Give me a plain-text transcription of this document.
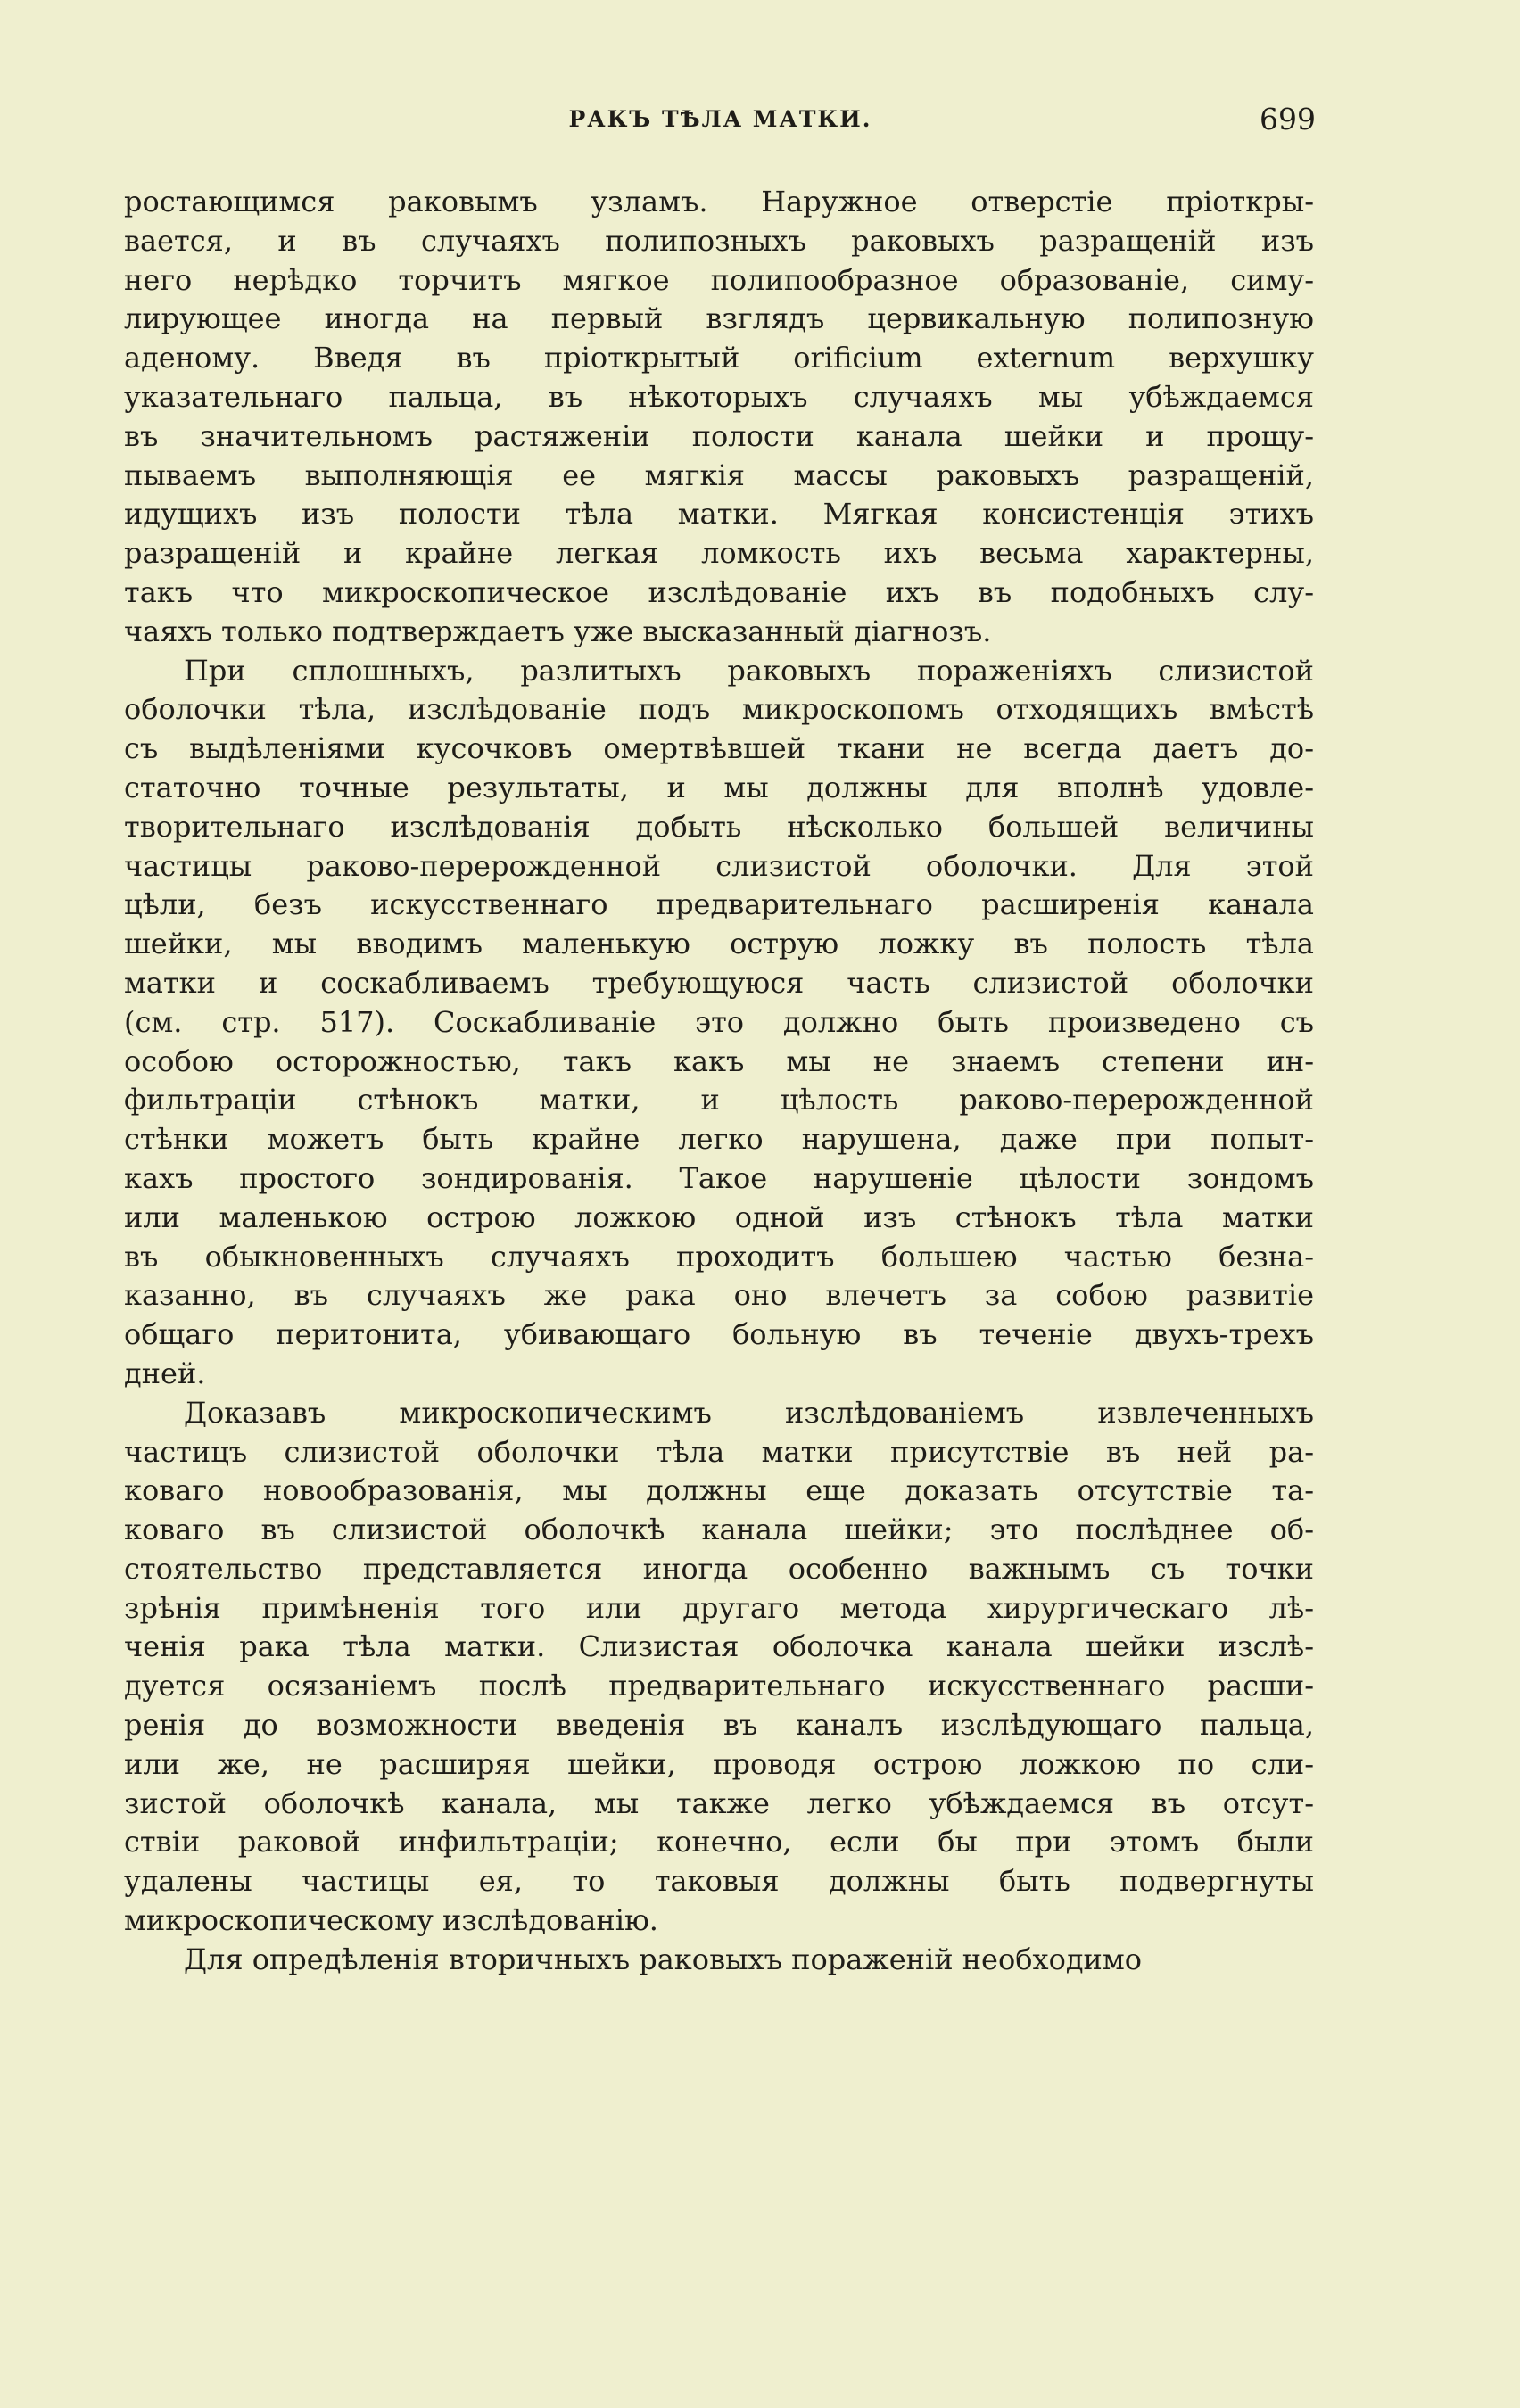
РАКЪ ТѢЛА МАТКИ.	699

ростающимся раковымъ узламъ. Наружное отверстіе пріоткры-

вается, и въ случаяхъ полипозныхъ раковыхъ разращеній изъ

него нерѣдко торчитъ мягкое полипообразное образованіе, симу-

лирующее иногда на первый взглядъ цервикальную полипозную

аденому. Введя въ пріоткрытый orificium externum верхушку

указательнаго пальца, въ нѣкоторыхъ случаяхъ мы убѣждаемся

въ значительномъ растяженіи полости канала шейки и прощу-

пываемъ выполняющія ее мягкія массы раковыхъ разращеній,

идущихъ изъ полости тѣла матки. Мягкая консистенція этихъ

разращеній и крайне легкая ломкость ихъ весьма характерны,

такъ что микроскопическое изслѣдованіе ихъ въ подобныхъ слу-

чаяхъ только подтверждаетъ уже высказанный діагнозъ.

При сплошныхъ, разлитыхъ раковыхъ пораженіяхъ слизистой

оболочки тѣла, изслѣдованіе подъ микроскопомъ отходящихъ вмѣстѣ

съ выдѣленіями кусочковъ омертвѣвшей ткани не всегда даетъ до-

статочно точные результаты, и мы должны для вполнѣ удовле-

творительнаго изслѣдованія добыть нѣсколько большей величины

частицы раково-перерожденной слизистой оболочки. Для этой

цѣли, безъ искусственнаго предварительнаго расширенія канала

шейки, мы вводимъ маленькую острую ложку въ полость тѣла

матки и соскабливаемъ требующуюся часть слизистой оболочки

(см. стр. 517). Соскабливаніе это должно быть произведено съ

особою осторожностью, такъ какъ мы не знаемъ степени ин-

фильтраціи стѣнокъ матки, и цѣлость раково-перерожденной

стѣнки можетъ быть крайне легко нарушена, даже при попыт-

кахъ простого зондированія. Такое нарушеніе цѣлости зондомъ

или маленькою острою ложкою одной изъ стѣнокъ тѣла матки

въ обыкновенныхъ случаяхъ проходитъ большею частью безна-

казанно, въ случаяхъ же рака оно влечетъ за собою развитіе

общаго перитонита, убивающаго больную въ теченіе двухъ-трехъ

дней.

Доказавъ микроскопическимъ изслѣдованіемъ извлеченныхъ

частицъ слизистой оболочки тѣла матки присутствіе въ ней ра-

коваго новообразованія, мы должны еще доказать отсутствіе та-

коваго въ слизистой оболочкѣ канала шейки; это послѣднее об-

стоятельство представляется иногда особенно важнымъ съ точки

зрѣнія примѣненія того или другаго метода хирургическаго лѣ-

ченія рака тѣла матки. Слизистая оболочка канала шейки изслѣ-

дуется осязаніемъ послѣ предварительнаго искусственнаго расши-

ренія до возможности введенія въ каналъ изслѣдующаго пальца,

или же, не расширяя шейки, проводя острою ложкою по сли-

зистой оболочкѣ канала, мы также легко убѣждаемся въ отсут-

ствіи раковой инфильтраціи; конечно, если бы при этомъ были

удалены частицы ея, то таковыя должны быть подвергнуты

микроскопическому изслѣдованію.

Для опредѣленія вторичныхъ раковыхъ пораженій необходимо
